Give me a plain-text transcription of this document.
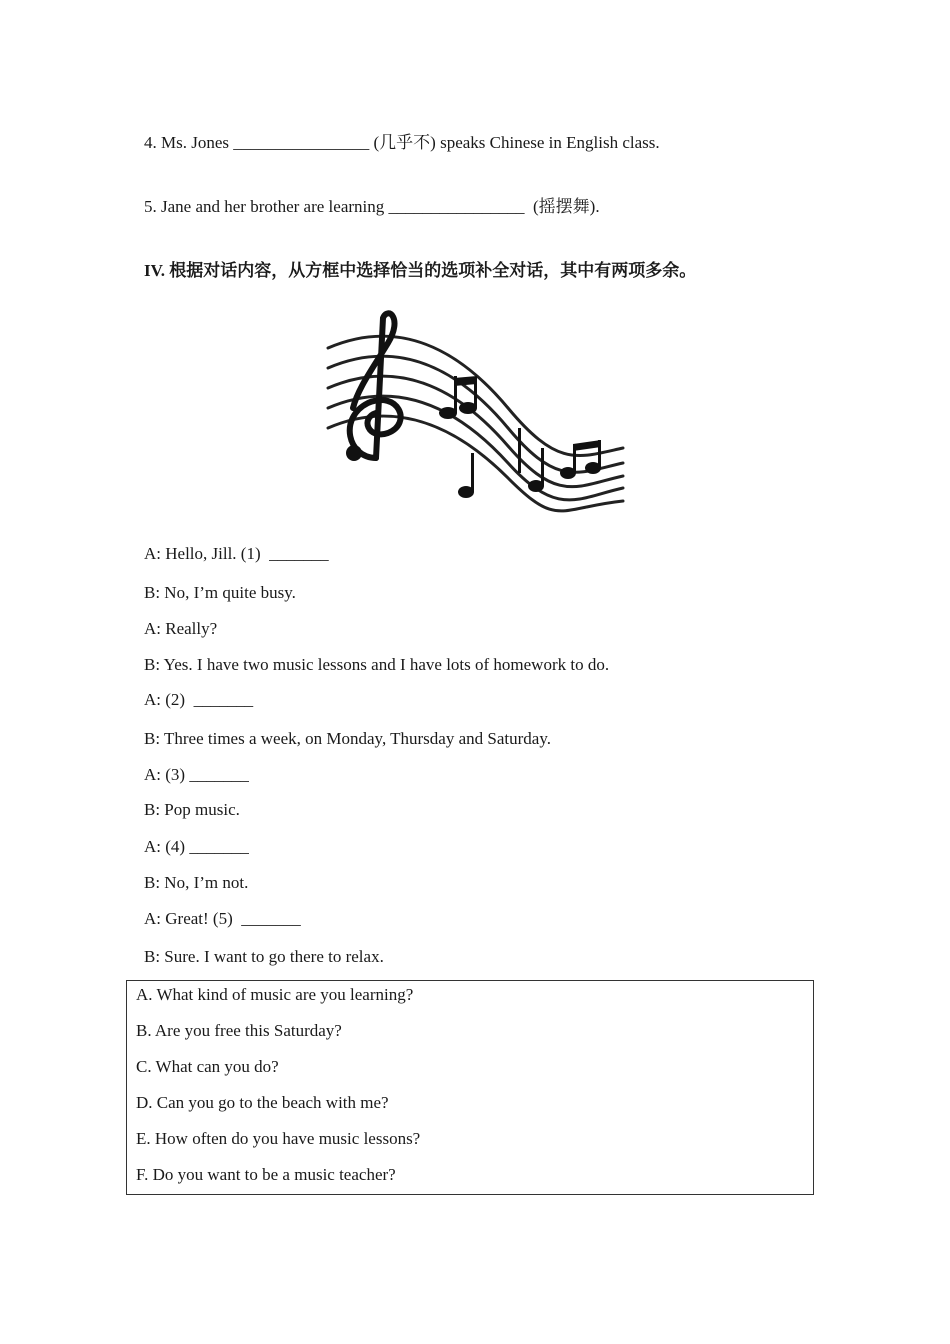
4. Ms. Jones ________________ (几乎不) speaks Chinese in English class.
5. Jane and her brother are learning ________________  (摇摆舞).
IV. 根据对话内容，从方框中选择恰当的选项补全对话，其中有两项多余。
A: Hello, Jill. (1)  _______
B: No, I’m quite busy.
A: Really?
B: Yes. I have two music lessons and I have lots of homework to do.
A: (2)  _______
B: Three times a week, on Monday, Thursday and Saturday.
A: (3) _______
B: Pop music.
A: (4) _______
B: No, I’m not.
A: Great! (5)  _______
B: Sure. I want to go there to relax.
A. What kind of music are you learning?
B. Are you free this Saturday?
C. What can you do?
D. Can you go to the beach with me?
E. How often do you have music lessons?
F. Do you want to be a music teacher?
